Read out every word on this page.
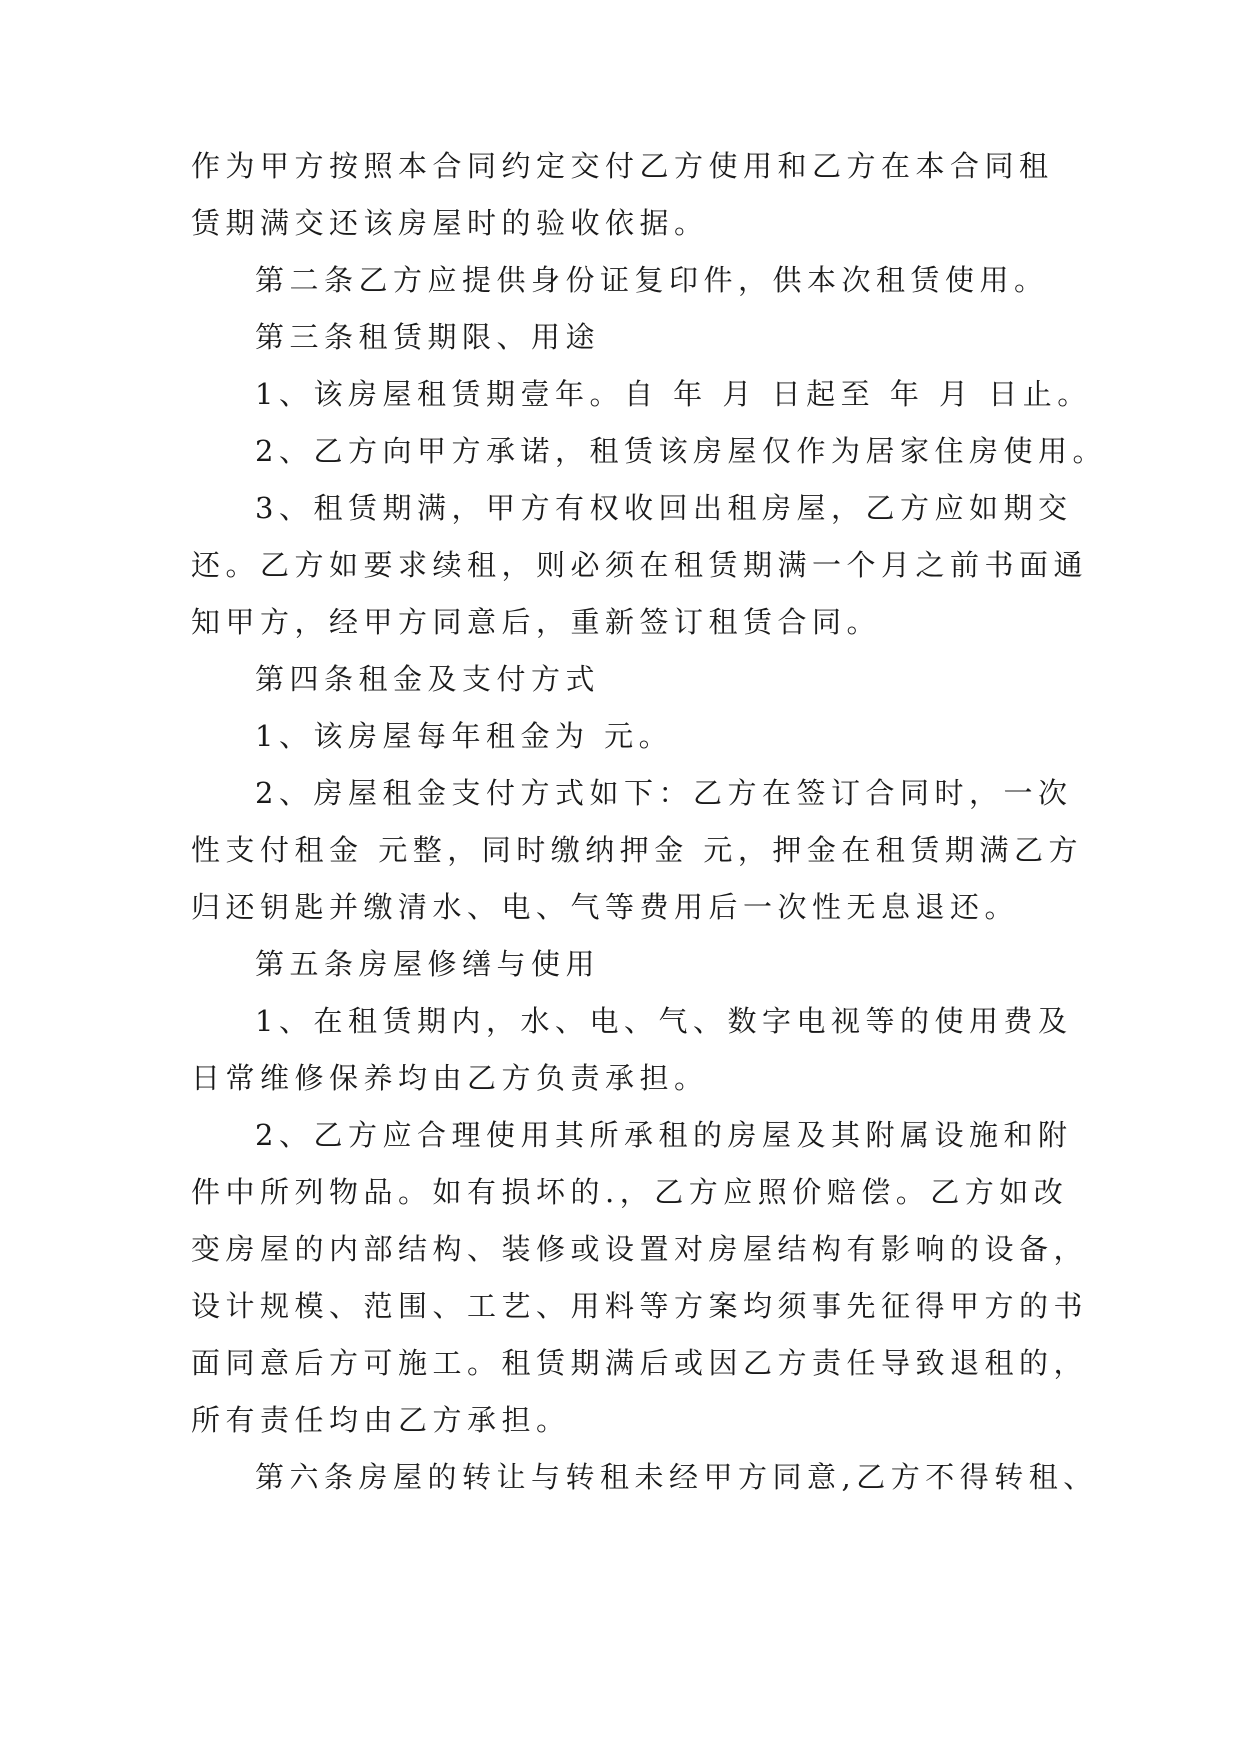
作为甲方按照本合同约定交付乙方使用和乙方在本合同租
赁期满交还该房屋时的验收依据。
第二条乙方应提供身份证复印件，供本次租赁使用。
第三条租赁期限、用途
1、该房屋租赁期壹年。自 年 月 日起至 年 月 日止。
2、乙方向甲方承诺，租赁该房屋仅作为居家住房使用。
3、租赁期满，甲方有权收回出租房屋，乙方应如期交
还。乙方如要求续租，则必须在租赁期满一个月之前书面通
知甲方，经甲方同意后，重新签订租赁合同。
第四条租金及支付方式
1、该房屋每年租金为 元。
2、房屋租金支付方式如下：乙方在签订合同时，一次
性支付租金 元整，同时缴纳押金 元，押金在租赁期满乙方
归还钥匙并缴清水、电、气等费用后一次性无息退还。
第五条房屋修缮与使用
1、在租赁期内，水、电、气、数字电视等的使用费及
日常维修保养均由乙方负责承担。
2、乙方应合理使用其所承租的房屋及其附属设施和附
件中所列物品。如有损坏的.，乙方应照价赔偿。乙方如改
变房屋的内部结构、装修或设置对房屋结构有影响的设备，
设计规模、范围、工艺、用料等方案均须事先征得甲方的书
面同意后方可施工。租赁期满后或因乙方责任导致退租的，
所有责任均由乙方承担。
第六条房屋的转让与转租未经甲方同意,乙方不得转租、
